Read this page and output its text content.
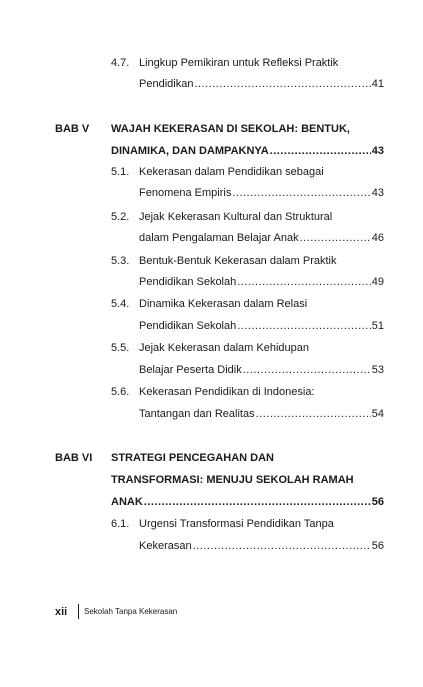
4.7. Lingkup Pemikiran untuk Refleksi Praktik
Pendidikan .....	41
BAB V WAJAH KEKERASAN DI SEKOLAH: BENTUK,
DINAMIKA, DAN DAMPAKNYA .....	43
5.1. Kekerasan dalam Pendidikan sebagai
Fenomena Empiris .....	43
5.2. Jejak Kekerasan Kultural dan Struktural
dalam Pengalaman Belajar Anak .....	46
5.3. Bentuk-Bentuk Kekerasan dalam Praktik
Pendidikan Sekolah .....	49
5.4. Dinamika Kekerasan dalam Relasi
Pendidikan Sekolah .....	51
5.5. Jejak Kekerasan dalam Kehidupan
Belajar Peserta Didik .....	53
5.6. Kekerasan Pendidikan di Indonesia:
Tantangan dan Realitas .....	54
BAB VI STRATEGI PENCEGAHAN DAN
TRANSFORMASI: MENUJU SEKOLAH RAMAH
ANAK .....	56
6.1. Urgensi Transformasi Pendidikan Tanpa
Kekerasan .....	56
xii Sekolah Tanpa Kekerasan
